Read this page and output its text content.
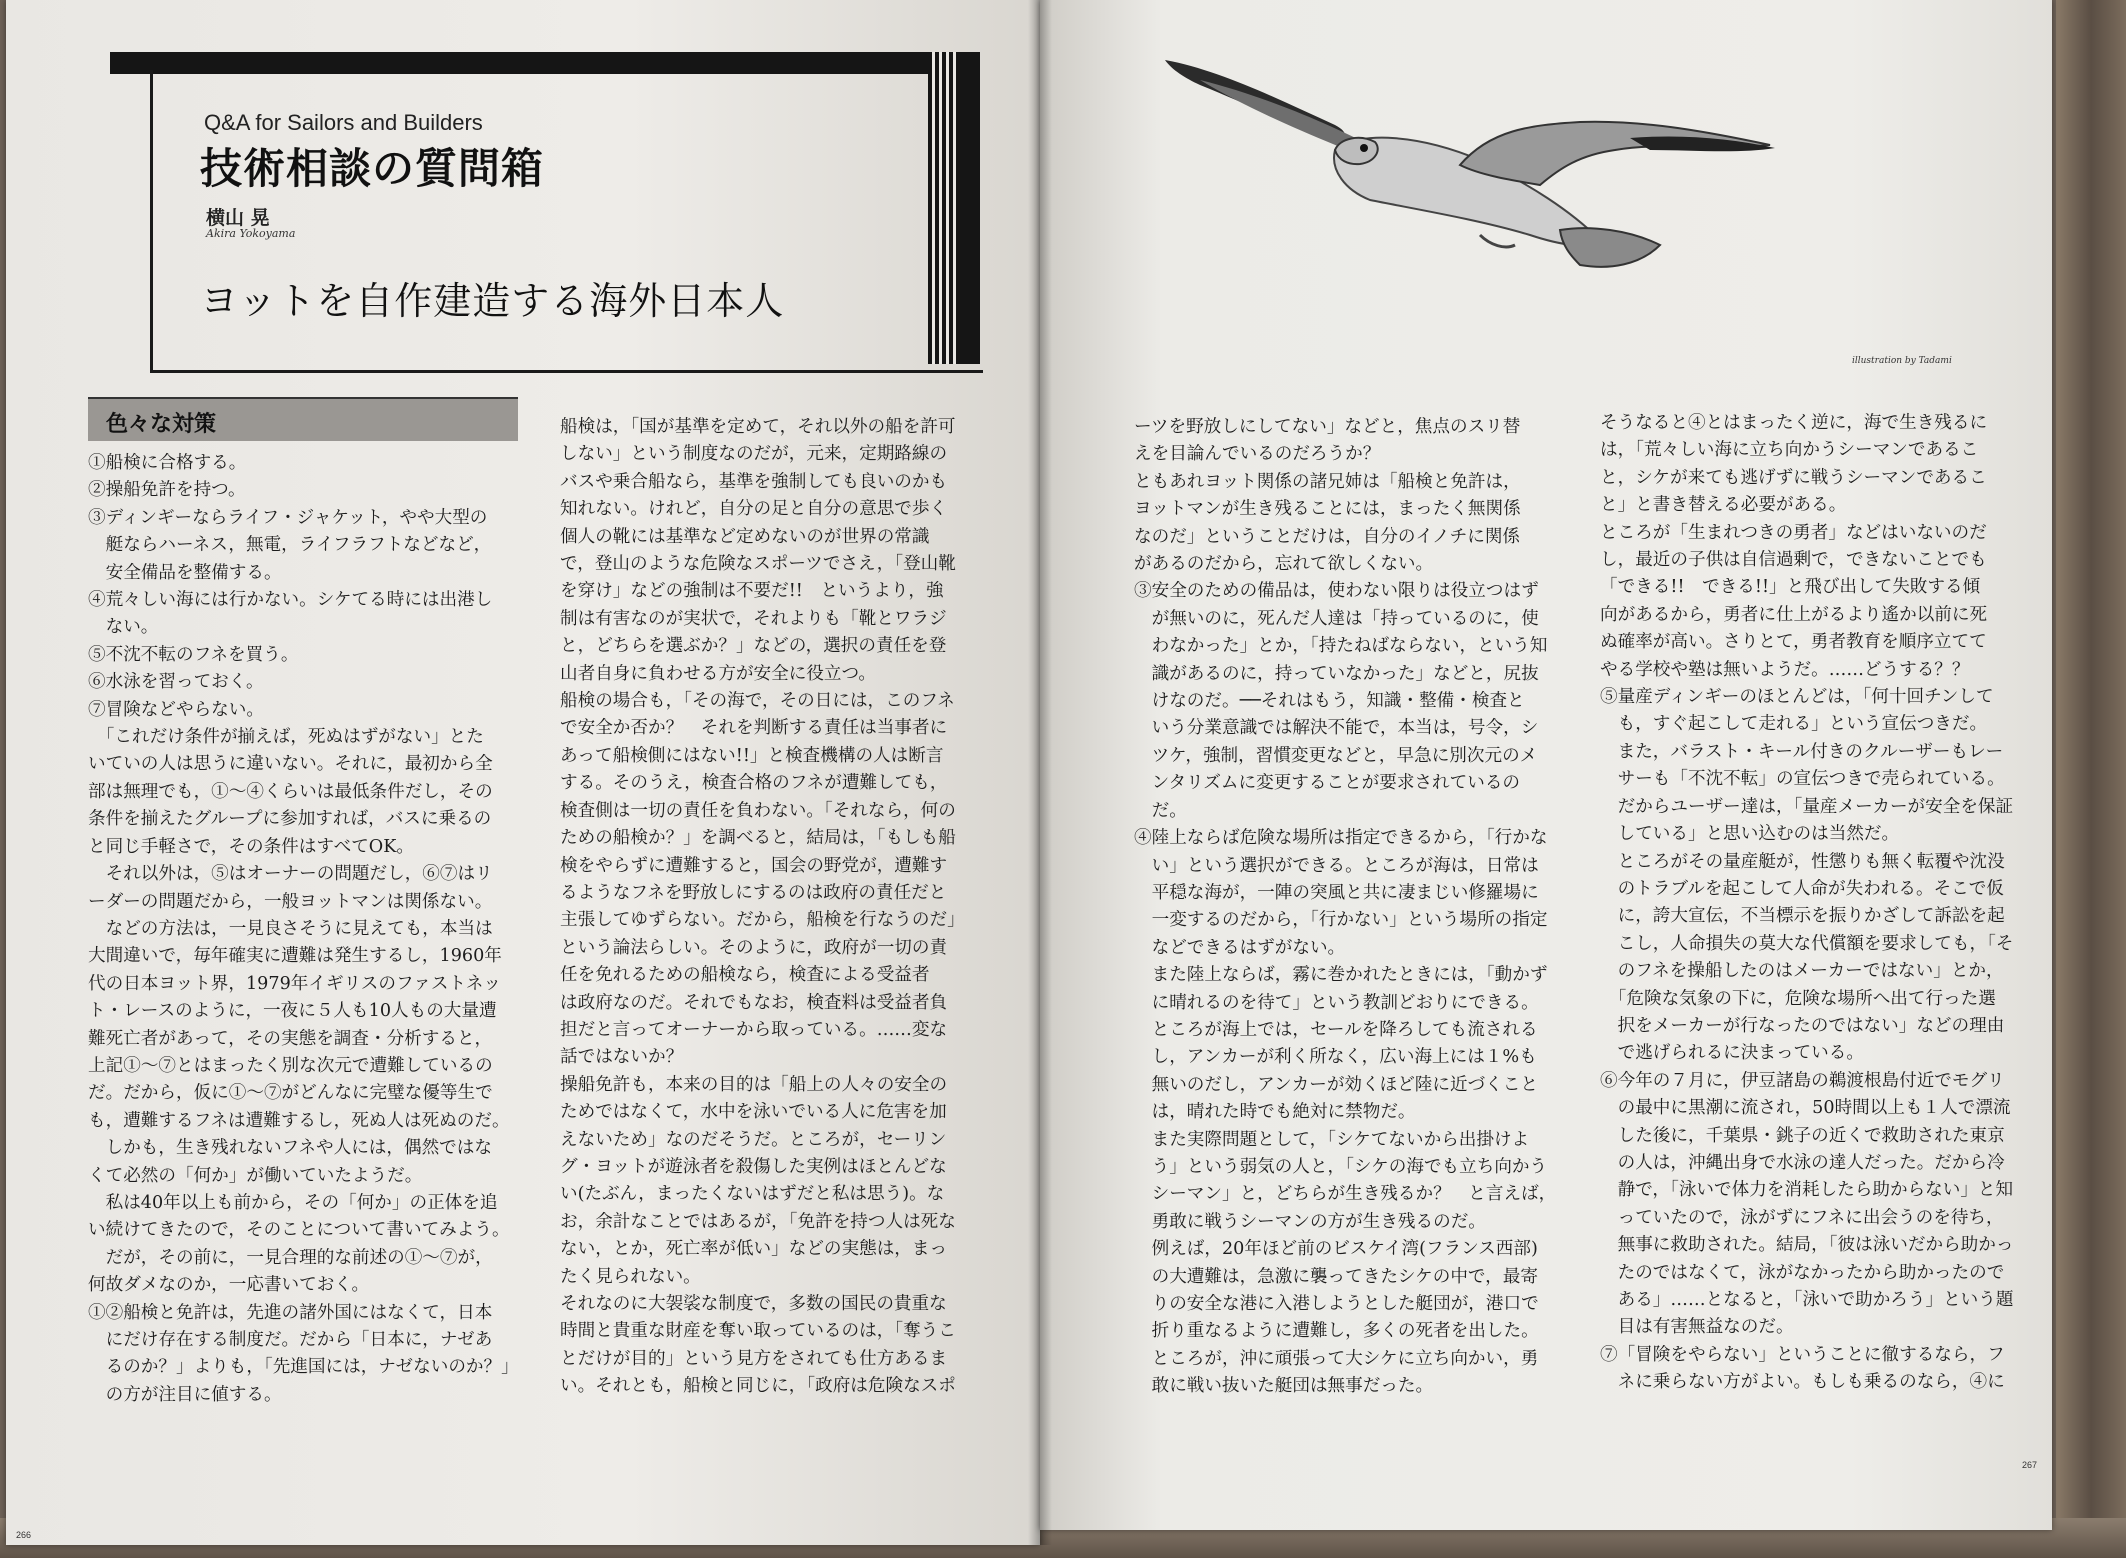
Q&A for Sailors and Builders
技術相談の質問箱
横山 晃
Akira Yokoyama
ヨットを自作建造する海外日本人
色々な対策

①船検に合格する。

②操船免許を持つ。

③ディンギーならライフ・ジャケット，やや大型の

　艇ならハーネス，無電，ライフラフトなどなど，

　安全備品を整備する。

④荒々しい海には行かない。シケてる時には出港し

　ない。

⑤不沈不転のフネを買う。

⑥水泳を習っておく。

⑦冒険などやらない。

　「これだけ条件が揃えば，死ぬはずがない」とた

いていの人は思うに違いない。それに，最初から全

部は無理でも，①〜④くらいは最低条件だし，その

条件を揃えたグループに参加すれば，バスに乗るの

と同じ手軽さで，その条件はすべてOK。

　それ以外は，⑤はオーナーの問題だし，⑥⑦はリ

ーダーの問題だから，一般ヨットマンは関係ない。

　などの方法は，一見良さそうに見えても，本当は

大間違いで，毎年確実に遭難は発生するし，1960年

代の日本ヨット界，1979年イギリスのファストネッ

ト・レースのように，一夜に５人も10人もの大量遭

難死亡者があって，その実態を調査・分析すると，

上記①〜⑦とはまったく別な次元で遭難しているの

だ。だから，仮に①〜⑦がどんなに完璧な優等生で

も，遭難するフネは遭難するし，死ぬ人は死ぬのだ。

　しかも，生き残れないフネや人には，偶然ではな

くて必然の「何か」が働いていたようだ。

　私は40年以上も前から，その「何か」の正体を追

い続けてきたので，そのことについて書いてみよう。

　だが，その前に，一見合理的な前述の①〜⑦が，

何故ダメなのか，一応書いておく。

①②船検と免許は，先進の諸外国にはなくて，日本

　にだけ存在する制度だ。だから「日本に，ナゼあ

　るのか？」よりも，「先進国には，ナゼないのか？」

　の方が注目に値する。

船検は，「国が基準を定めて，それ以外の船を許可

しない」という制度なのだが，元来，定期路線の

バスや乗合船なら，基準を強制しても良いのかも

知れない。けれど，自分の足と自分の意思で歩く

個人の靴には基準など定めないのが世界の常識

で，登山のような危険なスポーツでさえ，「登山靴

を穿け」などの強制は不要だ!!　というより，強

制は有害なのが実状で，それよりも「靴とワラジ

と，どちらを選ぶか？」などの，選択の責任を登

山者自身に負わせる方が安全に役立つ。

船検の場合も，「その海で，その日には，このフネ

で安全か否か？　それを判断する責任は当事者に

あって船検側にはない!!」と検査機構の人は断言

する。そのうえ，検査合格のフネが遭難しても，

検査側は一切の責任を負わない。「それなら，何の

ための船検か？」を調べると，結局は，「もしも船

検をやらずに遭難すると，国会の野党が，遭難す

るようなフネを野放しにするのは政府の責任だと

主張してゆずらない。だから，船検を行なうのだ」

という論法らしい。そのように，政府が一切の責

任を免れるための船検なら，検査による受益者

は政府なのだ。それでもなお，検査料は受益者負

担だと言ってオーナーから取っている。……変な

話ではないか？

操船免許も，本来の目的は「船上の人々の安全の

ためではなくて，水中を泳いでいる人に危害を加

えないため」なのだそうだ。ところが，セーリン

グ・ヨットが遊泳者を殺傷した実例はほとんどな

い(たぶん，まったくないはずだと私は思う)。な

お，余計なことではあるが，「免許を持つ人は死な

ない，とか，死亡率が低い」などの実態は，まっ

たく見られない。

それなのに大袈裟な制度で，多数の国民の貴重な

時間と貴重な財産を奪い取っているのは，「奪うこ

とだけが目的」という見方をされても仕方あるま

い。それとも，船検と同じに，「政府は危険なスポ

ーツを野放しにしてない」などと，焦点のスリ替

えを目論んでいるのだろうか？

ともあれヨット関係の諸兄姉は「船検と免許は，

ヨットマンが生き残ることには，まったく無関係

なのだ」ということだけは，自分のイノチに関係

があるのだから，忘れて欲しくない。

③安全のための備品は，使わない限りは役立つはず

　が無いのに，死んだ人達は「持っているのに，使

　わなかった」とか，「持たねばならない，という知

　識があるのに，持っていなかった」などと，尻抜

　けなのだ。──それはもう，知識・整備・検査と

　いう分業意識では解決不能で，本当は，号令，シ

　ツケ，強制，習慣変更などと，早急に別次元のメ

　ンタリズムに変更することが要求されているの

　だ。

④陸上ならば危険な場所は指定できるから，「行かな

　い」という選択ができる。ところが海は，日常は

　平穏な海が，一陣の突風と共に凄まじい修羅場に

　一変するのだから，「行かない」という場所の指定

　などできるはずがない。

　また陸上ならば，霧に巻かれたときには，「動かず

　に晴れるのを待て」という教訓どおりにできる。

　ところが海上では，セールを降ろしても流される

　し，アンカーが利く所なく，広い海上には１%も

　無いのだし，アンカーが効くほど陸に近づくこと

　は，晴れた時でも絶対に禁物だ。

　また実際問題として，「シケてないから出掛けよ

　う」という弱気の人と，「シケの海でも立ち向かう

　シーマン」と，どちらが生き残るか？　と言えば，

　勇敢に戦うシーマンの方が生き残るのだ。

　例えば，20年ほど前のビスケイ湾(フランス西部)

　の大遭難は，急激に襲ってきたシケの中で，最寄

　りの安全な港に入港しようとした艇団が，港口で

　折り重なるように遭難し，多くの死者を出した。

　ところが，沖に頑張って大シケに立ち向かい，勇

　敢に戦い抜いた艇団は無事だった。

そうなると④とはまったく逆に，海で生き残るに

は，「荒々しい海に立ち向かうシーマンであるこ

と，シケが来ても逃げずに戦うシーマンであるこ

と」と書き替える必要がある。

ところが「生まれつきの勇者」などはいないのだ

し，最近の子供は自信過剰で，できないことでも

「できる!!　できる!!」と飛び出して失敗する傾

向があるから，勇者に仕上がるより遙か以前に死

ぬ確率が高い。さりとて，勇者教育を順序立てて

やる学校や塾は無いようだ。……どうする？？

⑤量産ディンギーのほとんどは，「何十回チンして

　も，すぐ起こして走れる」という宣伝つきだ。

　また，バラスト・キール付きのクルーザーもレー

　サーも「不沈不転」の宣伝つきで売られている。

　だからユーザー達は，「量産メーカーが安全を保証

　している」と思い込むのは当然だ。

　ところがその量産艇が，性懲りも無く転覆や沈没

　のトラブルを起こして人命が失われる。そこで仮

　に，誇大宣伝，不当標示を振りかざして訴訟を起

　こし，人命損失の莫大な代償額を要求しても，「そ

　のフネを操船したのはメーカーではない」とか，

　「危険な気象の下に，危険な場所へ出て行った選

　択をメーカーが行なったのではない」などの理由

　で逃げられるに決まっている。

⑥今年の７月に，伊豆諸島の鵜渡根島付近でモグリ

　の最中に黒潮に流され，50時間以上も１人で漂流

　した後に，千葉県・銚子の近くで救助された東京

　の人は，沖縄出身で水泳の達人だった。だから冷

　静で，「泳いで体力を消耗したら助からない」と知

　っていたので，泳がずにフネに出会うのを待ち，

　無事に救助された。結局，「彼は泳いだから助かっ

　たのではなくて，泳がなかったから助かったので

　ある」……となると，「泳いで助かろう」という題

　目は有害無益なのだ。

⑦「冒険をやらない」ということに徹するなら，フ

　ネに乗らない方がよい。もしも乗るのなら，④に

illustration by Tadami
266
267
